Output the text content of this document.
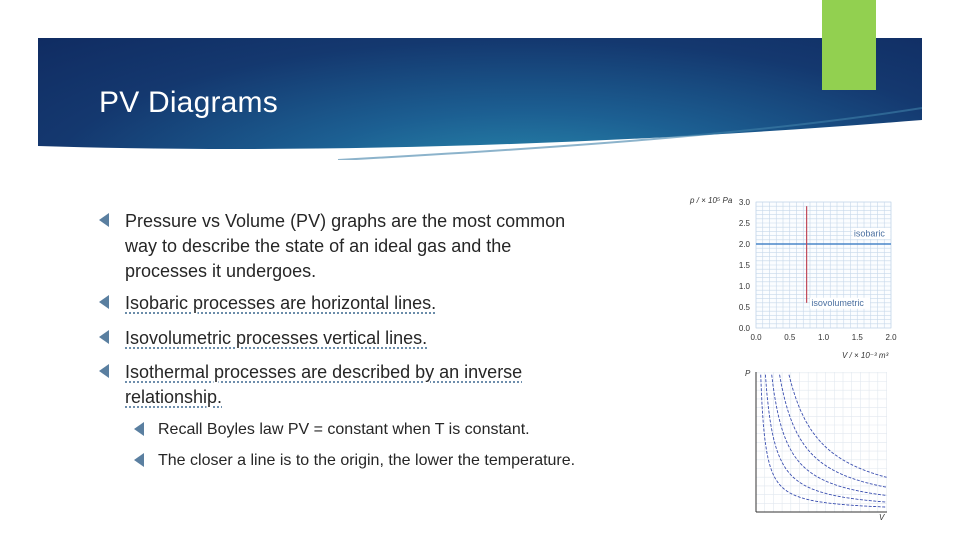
PV Diagrams
Pressure vs Volume (PV) graphs are the most common way to describe the state of an ideal gas and the processes it undergoes.
Isobaric processes are horizontal lines.
Isovolumetric processes vertical lines.
Isothermal processes are described by an inverse relationship.
Recall Boyles law PV = constant when T is constant.
The closer a line is to the origin, the lower the temperature.
0.0	0.5	1.0	1.5	2.0
0.0
0.5
1.0
1.5
2.0
2.5
3.0
p / × 10⁵ Pa
V / × 10⁻³ m³
isobaric
isovolumetric
P
V
